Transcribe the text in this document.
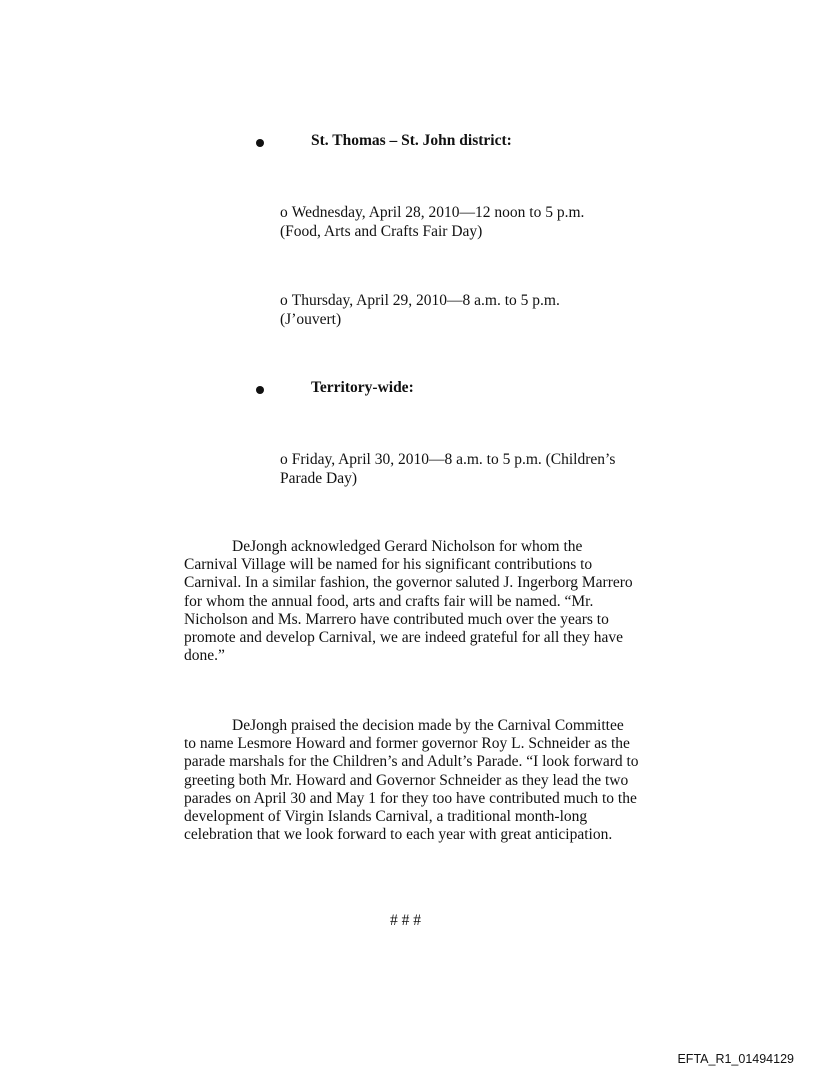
St. Thomas – St. John district:
o Wednesday, April 28, 2010—12 noon to 5 p.m.
(Food, Arts and Crafts Fair Day)
o Thursday, April 29, 2010—8 a.m. to 5 p.m.
(J’ouvert)
Territory-wide:
o Friday, April 30, 2010—8 a.m. to 5 p.m. (Children’s
Parade Day)

DeJongh acknowledged Gerard Nicholson for whom the Carnival Village will be named for his significant contributions to Carnival. In a similar fashion, the governor saluted J. Ingerborg Marrero for whom the annual food, arts and crafts fair will be named. “Mr. Nicholson and Ms. Marrero have contributed much over the years to promote and develop Carnival, we are indeed grateful for all they have done.”

DeJongh praised the decision made by the Carnival Committee to name Lesmore Howard and former governor Roy L. Schneider as the parade marshals for the Children’s and Adult’s Parade. “I look forward to greeting both Mr. Howard and Governor Schneider as they lead the two parades on April 30 and May 1 for they too have contributed much to the development of Virgin Islands Carnival, a traditional month-long celebration that we look forward to each year with great anticipation.

# # #
EFTA_R1_01494129
